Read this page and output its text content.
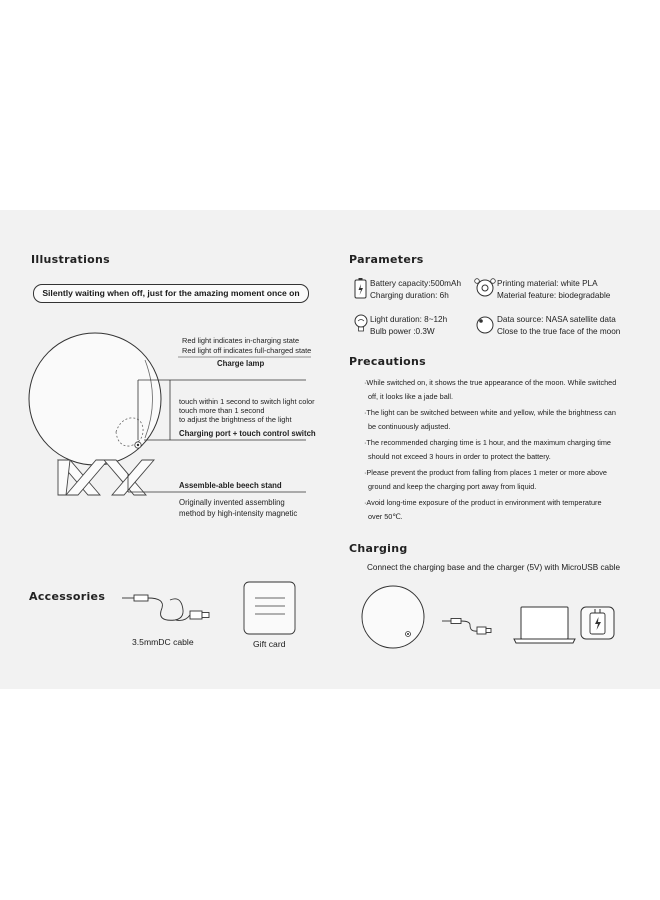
Illustrations
Silently waiting when off, just for the amazing moment once on
Red light indicates in-charging state
Red light off indicates full-charged state
Charge lamp
touch within 1 second to switch light color
touch more than 1 second
to adjust the brightness of the light
Charging port + touch control switch
Assemble-able beech stand
Originally invented assembling
method by high-intensity magnetic
Accessories
3.5mmDC cable	Gift card
Parameters
Battery capacity:500mAh
Charging duration: 6h
Printing material: white PLA
Material feature: biodegradable
Light duration: 8~12h
Bulb power :0.3W
Data source: NASA satellite data
Close to the true face of the moon
Precautions

·While switched on, it shows the true appearance of the moon. While switched

off, it looks like a jade ball.

·The light can be switched between white and yellow, while the brightness can

be continuously adjusted.

·The recommended charging time is 1 hour, and the maximum charging time

should not exceed 3 hours in order to protect the battery.

·Please prevent the product from falling from places 1 meter or more above

ground and keep the charging port away from liquid.

·Avoid long-time exposure of the product in environment with temperature

over 50℃.

Charging
Connect the charging base and the charger (5V) with MicroUSB cable
